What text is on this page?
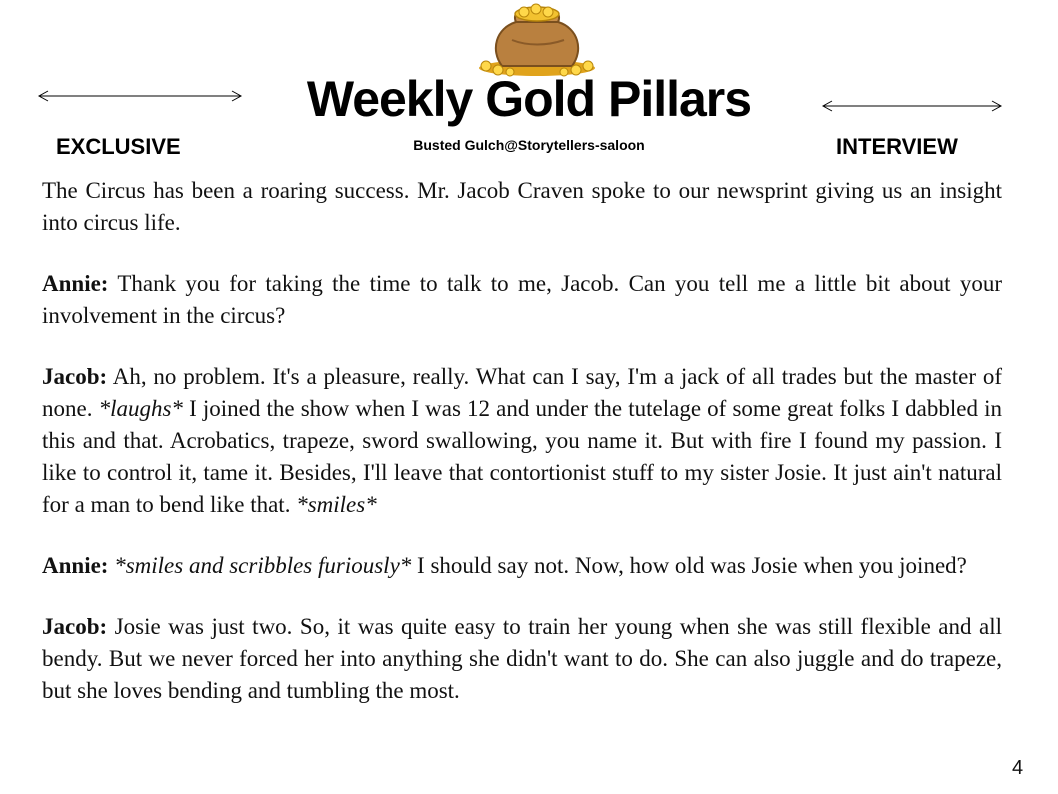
Weekly Gold Pillars
EXCLUSIVE	Busted Gulch@Storytellers-saloon	INTERVIEW

The Circus has been a roaring success. Mr. Jacob Craven spoke to our newsprint giving us an insight into circus life.

Annie: Thank you for taking the time to talk to me, Jacob. Can you tell me a little bit about your involvement in the circus?

Jacob: Ah, no problem. It's a pleasure, really. What can I say, I'm a jack of all trades but the master of none. *laughs* I joined the show when I was 12 and under the tutelage of some great folks I dabbled in this and that. Acrobatics, trapeze, sword swallowing, you name it. But with fire I found my passion. I like to control it, tame it. Besides, I'll leave that contortionist stuff to my sister Josie. It just ain't natural for a man to bend like that. *smiles*

Annie: *smiles and scribbles furiously* I should say not. Now, how old was Josie when you joined?

Jacob: Josie was just two. So, it was quite easy to train her young when she was still flexible and all bendy. But we never forced her into anything she didn't want to do. She can also juggle and do trapeze, but she loves bending and tumbling the most.

4
